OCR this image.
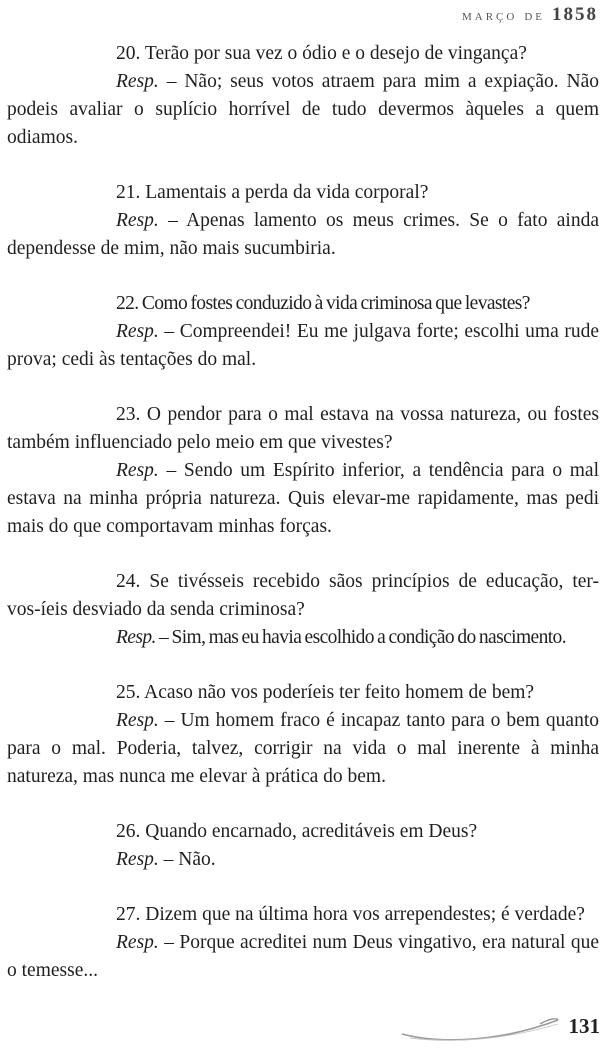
março de 1858

20. Terão por sua vez o ódio e o desejo de vingança?

Resp. – Não; seus votos atraem para mim a expiação. Não podeis avaliar o suplício horrível de tudo devermos àqueles a quem odiamos.

21. Lamentais a perda da vida corporal?

Resp. – Apenas lamento os meus crimes. Se o fato ainda dependesse de mim, não mais sucumbiria.

22. Como fostes conduzido à vida criminosa que levastes?

Resp. – Compreendei! Eu me julgava forte; escolhi uma rude prova; cedi às tentações do mal.

23. O pendor para o mal estava na vossa natureza, ou fostes também influenciado pelo meio em que vivestes?

Resp. – Sendo um Espírito inferior, a tendência para o mal estava na minha própria natureza. Quis elevar-me rapidamente, mas pedi mais do que comportavam minhas forças.

24. Se tivésseis recebido sãos princípios de educação, ter-vos-íeis desviado da senda criminosa?

Resp. – Sim, mas eu havia escolhido a condição do nascimento.

25. Acaso não vos poderíeis ter feito homem de bem?

Resp. – Um homem fraco é incapaz tanto para o bem quanto para o mal. Poderia, talvez, corrigir na vida o mal inerente à minha natureza, mas nunca me elevar à prática do bem.

26. Quando encarnado, acreditáveis em Deus?

Resp. – Não.

27. Dizem que na última hora vos arrependestes; é verdade?

Resp. – Porque acreditei num Deus vingativo, era natural que o temesse...

131
